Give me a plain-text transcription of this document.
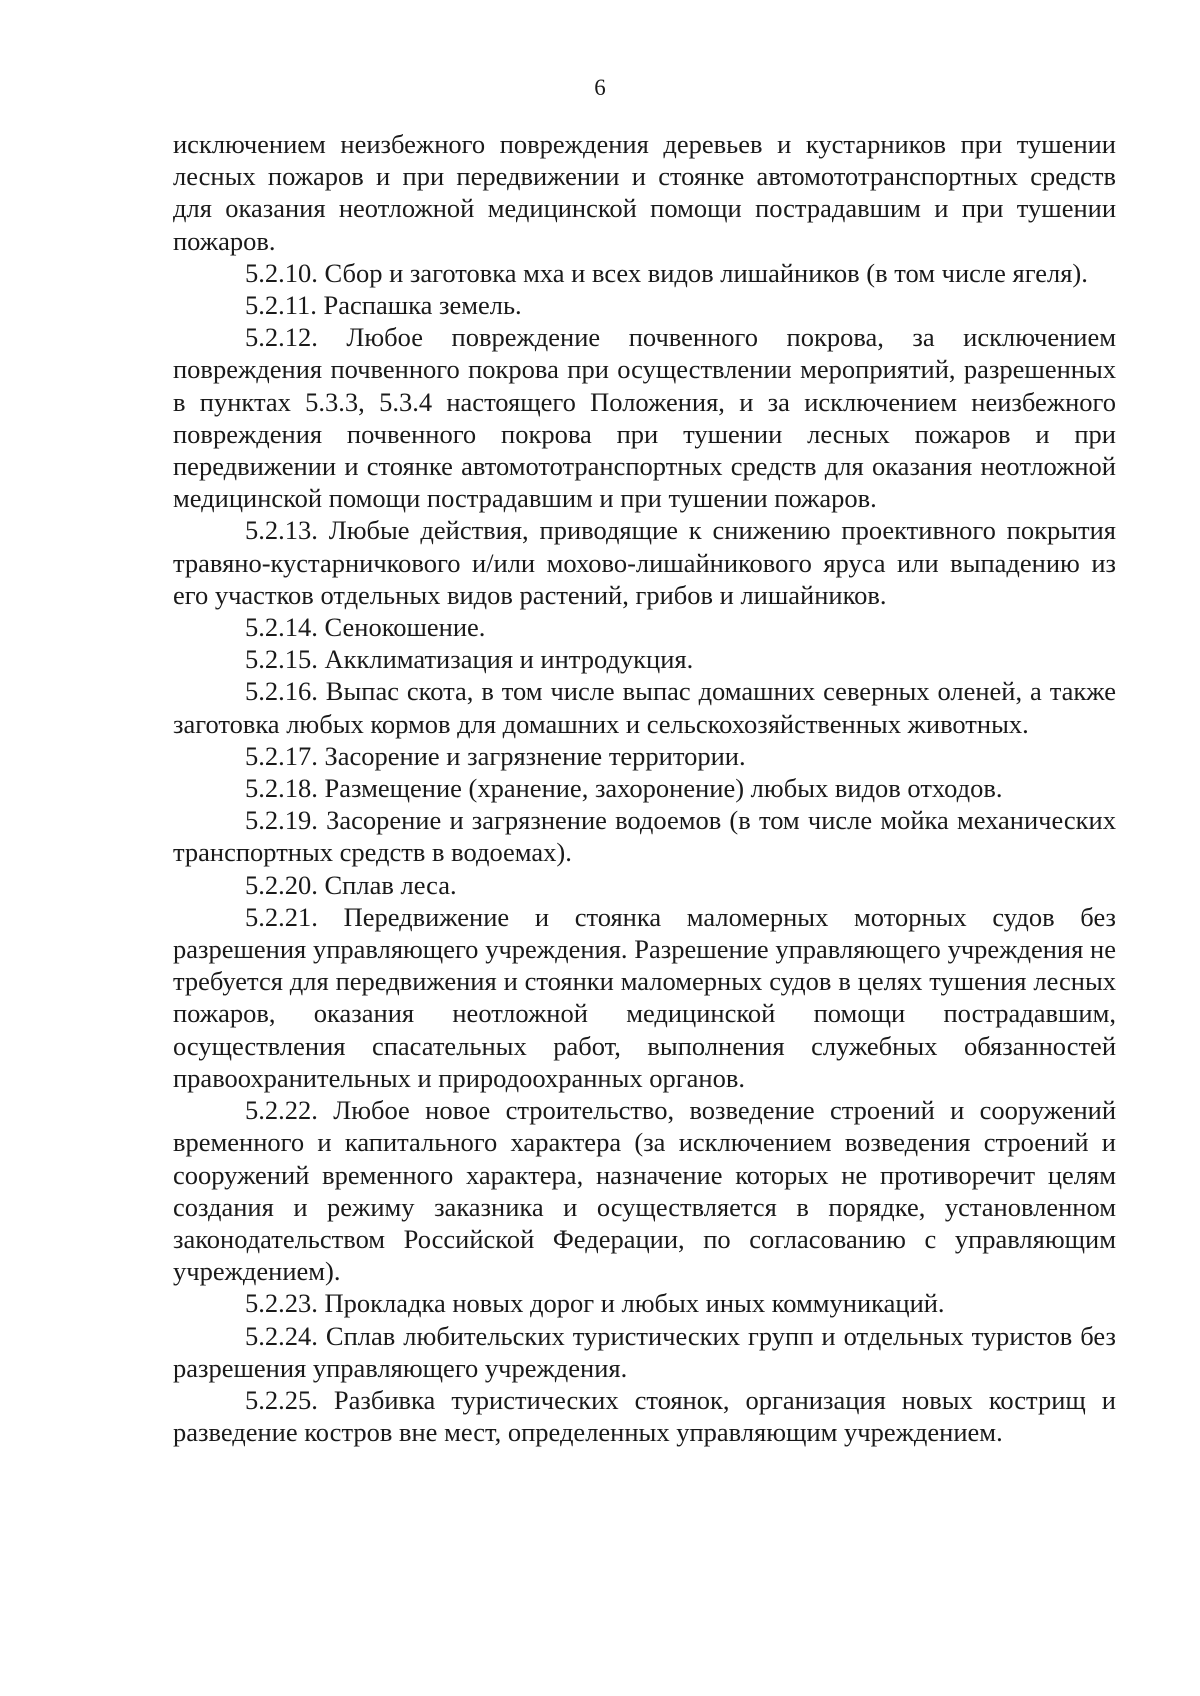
6

исключением неизбежного повреждения деревьев и кустарников при тушении лесных пожаров и при передвижении и стоянке автомототранспортных средств для оказания неотложной медицинской помощи пострадавшим и при тушении пожаров.

5.2.10. Сбор и заготовка мха и всех видов лишайников (в том числе ягеля).

5.2.11. Распашка земель.

5.2.12. Любое повреждение почвенного покрова, за исключением повреждения почвенного покрова при осуществлении мероприятий, разрешенных в пунктах 5.3.3, 5.3.4 настоящего Положения, и за исключением неизбежного повреждения почвенного покрова при тушении лесных пожаров и при передвижении и стоянке автомототранспортных средств для оказания неотложной медицинской помощи пострадавшим и при тушении пожаров.

5.2.13. Любые действия, приводящие к снижению проективного покрытия травяно-кустарничкового и/или мохово-лишайникового яруса или выпадению из его участков отдельных видов растений, грибов и лишайников.

5.2.14. Сенокошение.

5.2.15. Акклиматизация и интродукция.

5.2.16. Выпас скота, в том числе выпас домашних северных оленей, а также заготовка любых кормов для домашних и сельскохозяйственных животных.

5.2.17. Засорение и загрязнение территории.

5.2.18. Размещение (хранение, захоронение) любых видов отходов.

5.2.19. Засорение и загрязнение водоемов (в том числе мойка механических транспортных средств в водоемах).

5.2.20. Сплав леса.

5.2.21. Передвижение и стоянка маломерных моторных судов без разрешения управляющего учреждения. Разрешение управляющего учреждения не требуется для передвижения и стоянки маломерных судов в целях тушения лесных пожаров, оказания неотложной медицинской помощи пострадавшим, осуществления спасательных работ, выполнения служебных обязанностей правоохранительных и природоохранных органов.

5.2.22. Любое новое строительство, возведение строений и сооружений временного и капитального характера (за исключением возведения строений и сооружений временного характера, назначение которых не противоречит целям создания и режиму заказника и осуществляется в порядке, установленном законодательством Российской Федерации, по согласованию с управляющим учреждением).

5.2.23. Прокладка новых дорог и любых иных коммуникаций.

5.2.24. Сплав любительских туристических групп и отдельных туристов без разрешения управляющего учреждения.

5.2.25. Разбивка туристических стоянок, организация новых кострищ и разведение костров вне мест, определенных управляющим учреждением.
